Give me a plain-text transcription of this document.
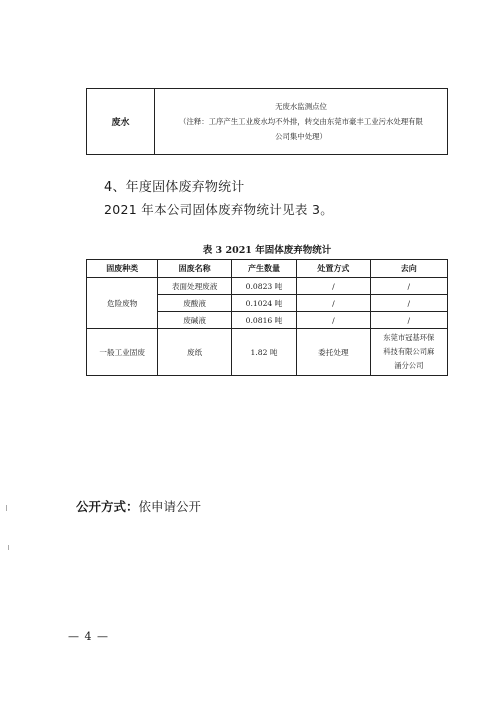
废水	
无废水监测点位
（注释：工序产生工业废水均不外排，转交由东莞市豪丰工业污水处理有限
公司集中处理）
4、年度固体废弃物统计
2021 年本公司固体废弃物统计见表 3。
表 3 2021 年固体废弃物统计
固废种类	固废名称	产生数量	处置方式	去向
危险废物	表面处理废液	0.0823 吨	/	/
	废酸液	0.1024 吨	/	/
	废碱液	0.0816 吨	/	/
一般工业固废	废纸	1.82 吨	委托处理	东莞市冠基环保
科技有限公司麻
涌分公司
公开方式：依申请公开
— 4 —
